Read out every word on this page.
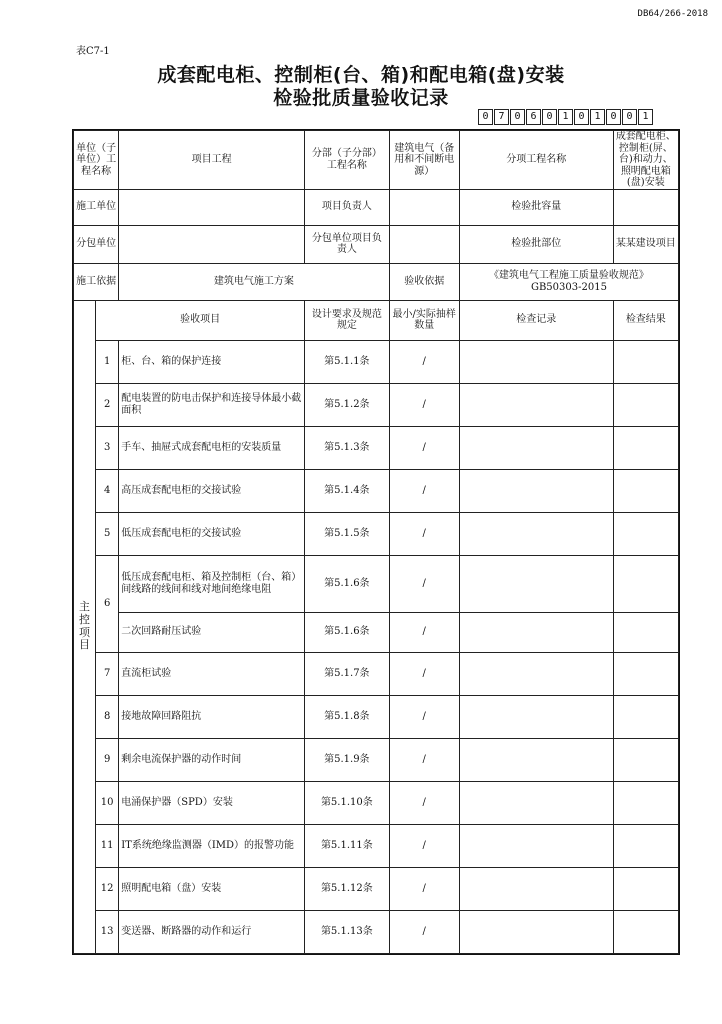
DB64/266-2018
表C7-1
成套配电柜、控制柜(台、箱)和配电箱(盘)安装
检验批质量验收记录
0 7 0 6 0 1 0 1 0 0 1
单位（子单位）工程名称		项目工程	分部（子分部）工程名称	建筑电气（备用和不间断电源）	分项工程名称	成套配电柜、控制柜(屏、台)和动力、照明配电箱(盘)安装
施工单位			项目负责人		检验批容量	
分包单位			分包单位项目负责人		检验批部位	某某建设项目
施工依据		建筑电气施工方案		验收依据	《建筑电气工程施工质量验收规范》
GB50303-2015	

主
控
项
目	验收项目		设计要求及规范规定	最小/实际抽样数量	检查记录	检查结果
	1	柜、台、箱的保护连接	第5.1.1条	/		
	2	配电装置的防电击保护和连接导体最小截面积	第5.1.2条	/		
	3	手车、抽屉式成套配电柜的安装质量	第5.1.3条	/		
	4	高压成套配电柜的交接试验	第5.1.4条	/		
	5	低压成套配电柜的交接试验	第5.1.5条	/		
	6	低压成套配电柜、箱及控制柜（台、箱）间线路的线间和线对地间绝缘电阻	第5.1.6条	/		
		二次回路耐压试验	第5.1.6条	/		
	7	直流柜试验	第5.1.7条	/		
	8	接地故障回路阻抗	第5.1.8条	/		
	9	剩余电流保护器的动作时间	第5.1.9条	/		
	10	电涌保护器（SPD）安装	第5.1.10条	/		
	11	IT系统绝缘监测器（IMD）的报警功能	第5.1.11条	/		
	12	照明配电箱（盘）安装	第5.1.12条	/		
	13	变送器、断路器的动作和运行	第5.1.13条	/		
